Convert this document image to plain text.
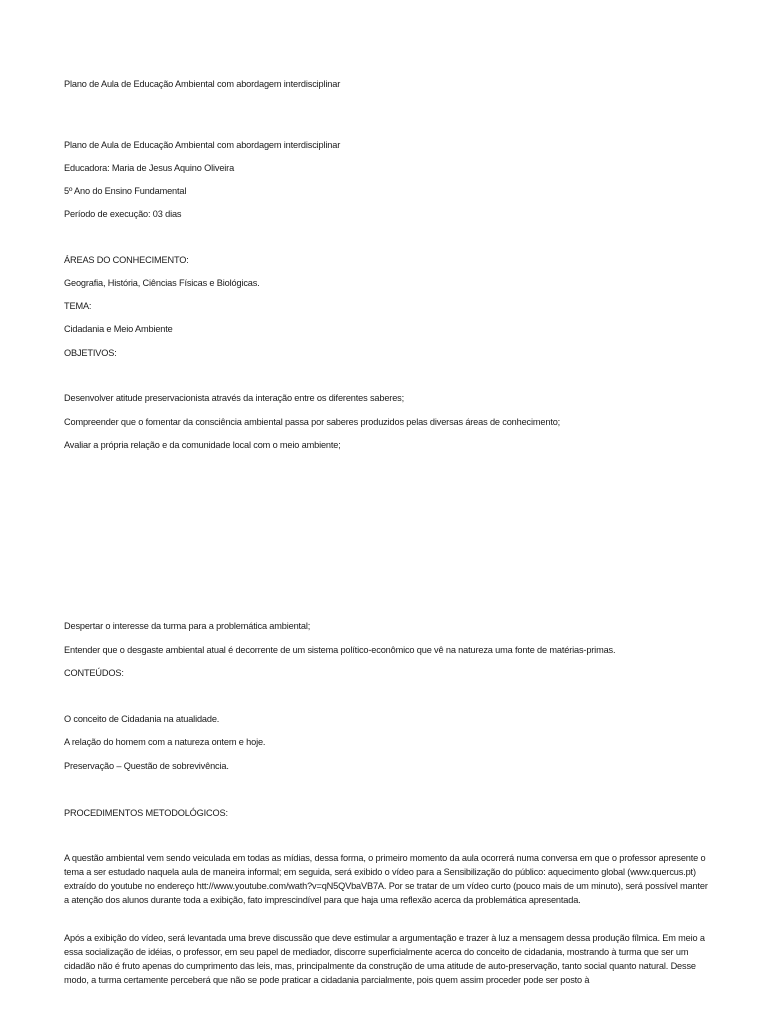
Plano de Aula de Educação Ambiental com abordagem interdisciplinar
Plano de Aula de Educação Ambiental com abordagem interdisciplinar
Educadora: Maria de Jesus Aquino Oliveira
5º Ano do Ensino Fundamental
Período de execução: 03 dias
ÁREAS DO CONHECIMENTO:
Geografia, História, Ciências Físicas e Biológicas.
TEMA:
Cidadania e Meio Ambiente
OBJETIVOS:
Desenvolver atitude preservacionista através da interação entre os diferentes saberes;
Compreender que o fomentar da consciência ambiental passa por saberes produzidos pelas diversas áreas de conhecimento;
Avaliar a própria relação e da comunidade local com o meio ambiente;
Despertar o interesse da turma para a problemática ambiental;
Entender que o desgaste ambiental atual é decorrente de um sistema político-econômico que vê na natureza uma fonte de matérias-primas.
CONTEÚDOS:
O conceito de Cidadania na atualidade.
A relação do homem com a natureza ontem e hoje.
Preservação – Questão de sobrevivência.
PROCEDIMENTOS METODOLÓGICOS:
A questão ambiental vem sendo veiculada em todas as mídias, dessa forma, o primeiro momento da aula ocorrerá numa conversa em que o professor apresente o tema a ser estudado naquela aula de maneira informal; em seguida, será exibido o vídeo para a Sensibilização do público: aquecimento global (www.quercus.pt) extraído do youtube no endereço htt://www.youtube.com/wath?v=qN5QVbaVB7A. Por se tratar de um vídeo curto (pouco mais de um minuto), será possível manter a atenção dos alunos durante toda a exibição, fato imprescindível para que haja uma reflexão acerca da problemática apresentada.
Após a exibição do vídeo, será levantada uma breve discussão que deve estimular a argumentação e trazer à luz a mensagem dessa produção fílmica. Em meio a essa socialização de idéias, o professor, em seu papel de mediador, discorre superficialmente acerca do conceito de cidadania, mostrando à turma que ser um cidadão não é fruto apenas do cumprimento das leis, mas, principalmente da construção de uma atitude de auto-preservação, tanto social quanto natural. Desse modo, a turma certamente perceberá que não se pode praticar a cidadania parcialmente, pois quem assim proceder pode ser posto à
